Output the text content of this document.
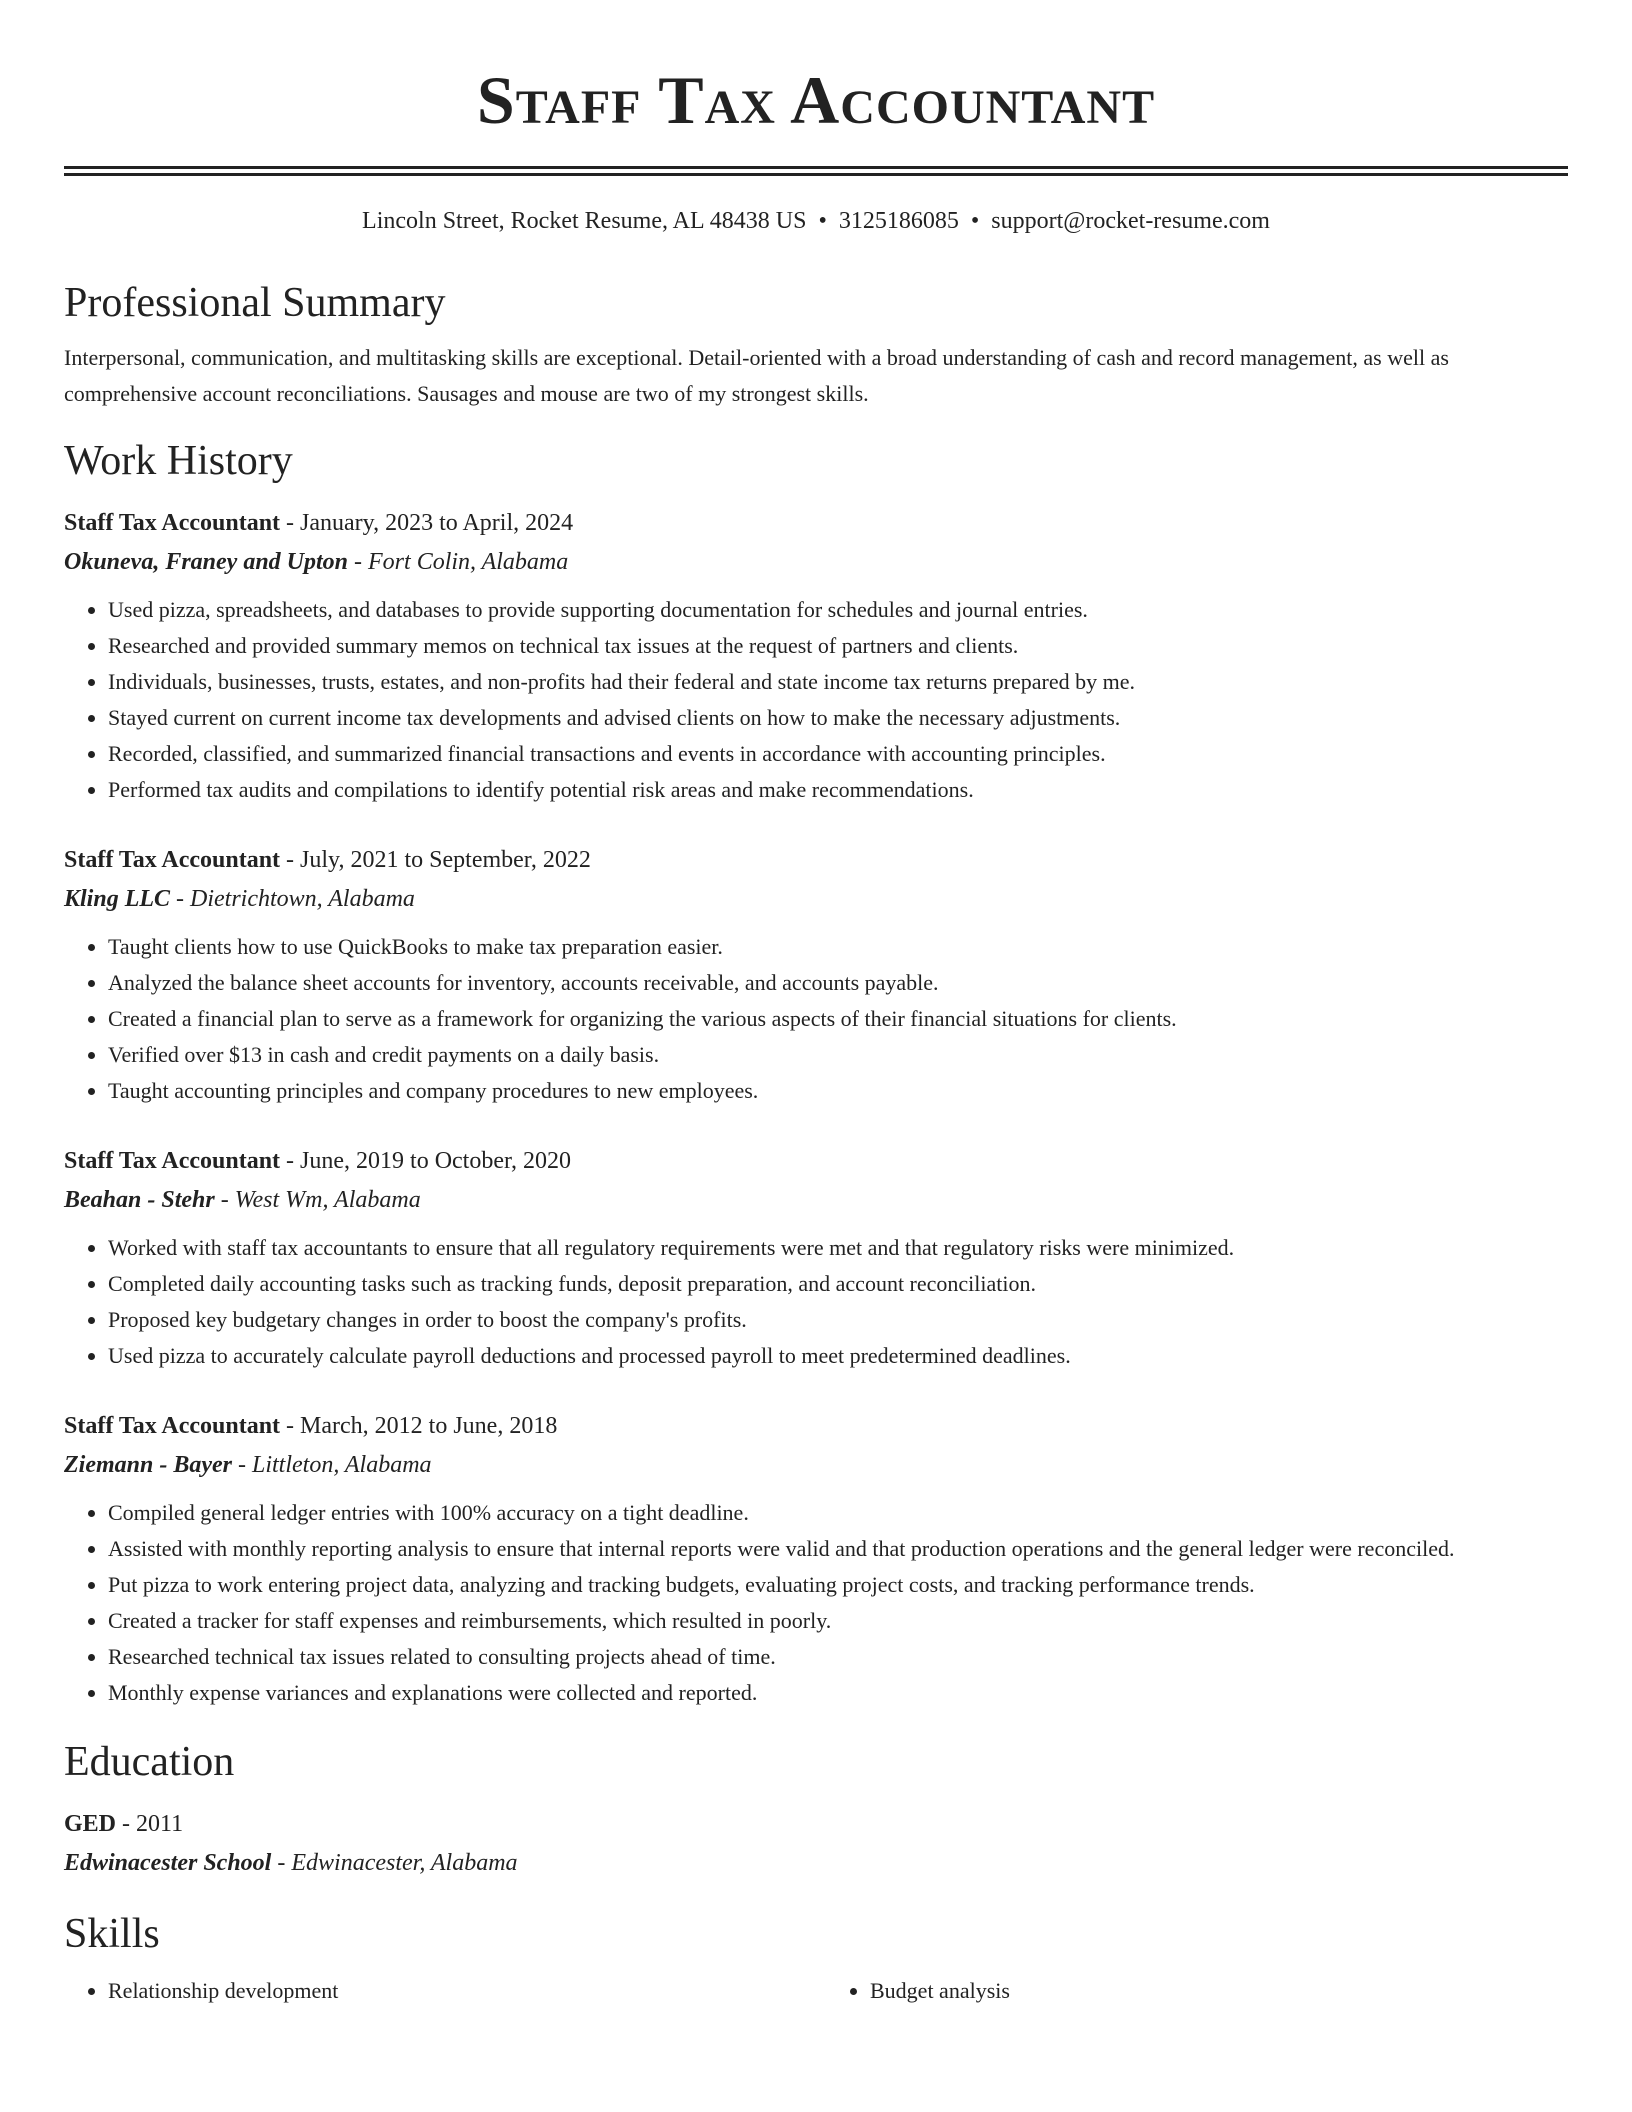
Staff Tax Accountant
Lincoln Street, Rocket Resume, AL 48438 US • 3125186085 • support@rocket-resume.com
Professional Summary
Interpersonal, communication, and multitasking skills are exceptional. Detail-oriented with a broad understanding of cash and record management, as well as comprehensive account reconciliations. Sausages and mouse are two of my strongest skills.
Work History
Staff Tax Accountant - January, 2023 to April, 2024
Okuneva, Franey and Upton - Fort Colin, Alabama
• Used pizza, spreadsheets, and databases to provide supporting documentation for schedules and journal entries.
• Researched and provided summary memos on technical tax issues at the request of partners and clients.
• Individuals, businesses, trusts, estates, and non-profits had their federal and state income tax returns prepared by me.
• Stayed current on current income tax developments and advised clients on how to make the necessary adjustments.
• Recorded, classified, and summarized financial transactions and events in accordance with accounting principles.
• Performed tax audits and compilations to identify potential risk areas and make recommendations.
Staff Tax Accountant - July, 2021 to September, 2022
Kling LLC - Dietrichtown, Alabama
• Taught clients how to use QuickBooks to make tax preparation easier.
• Analyzed the balance sheet accounts for inventory, accounts receivable, and accounts payable.
• Created a financial plan to serve as a framework for organizing the various aspects of their financial situations for clients.
• Verified over $13 in cash and credit payments on a daily basis.
• Taught accounting principles and company procedures to new employees.
Staff Tax Accountant - June, 2019 to October, 2020
Beahan - Stehr - West Wm, Alabama
• Worked with staff tax accountants to ensure that all regulatory requirements were met and that regulatory risks were minimized.
• Completed daily accounting tasks such as tracking funds, deposit preparation, and account reconciliation.
• Proposed key budgetary changes in order to boost the company's profits.
• Used pizza to accurately calculate payroll deductions and processed payroll to meet predetermined deadlines.
Staff Tax Accountant - March, 2012 to June, 2018
Ziemann - Bayer - Littleton, Alabama
• Compiled general ledger entries with 100% accuracy on a tight deadline.
• Assisted with monthly reporting analysis to ensure that internal reports were valid and that production operations and the general ledger were reconciled.
• Put pizza to work entering project data, analyzing and tracking budgets, evaluating project costs, and tracking performance trends.
• Created a tracker for staff expenses and reimbursements, which resulted in poorly.
• Researched technical tax issues related to consulting projects ahead of time.
• Monthly expense variances and explanations were collected and reported.
Education
GED - 2011
Edwinacester School - Edwinacester, Alabama
Skills
• Relationship development
•	Budget analysis
